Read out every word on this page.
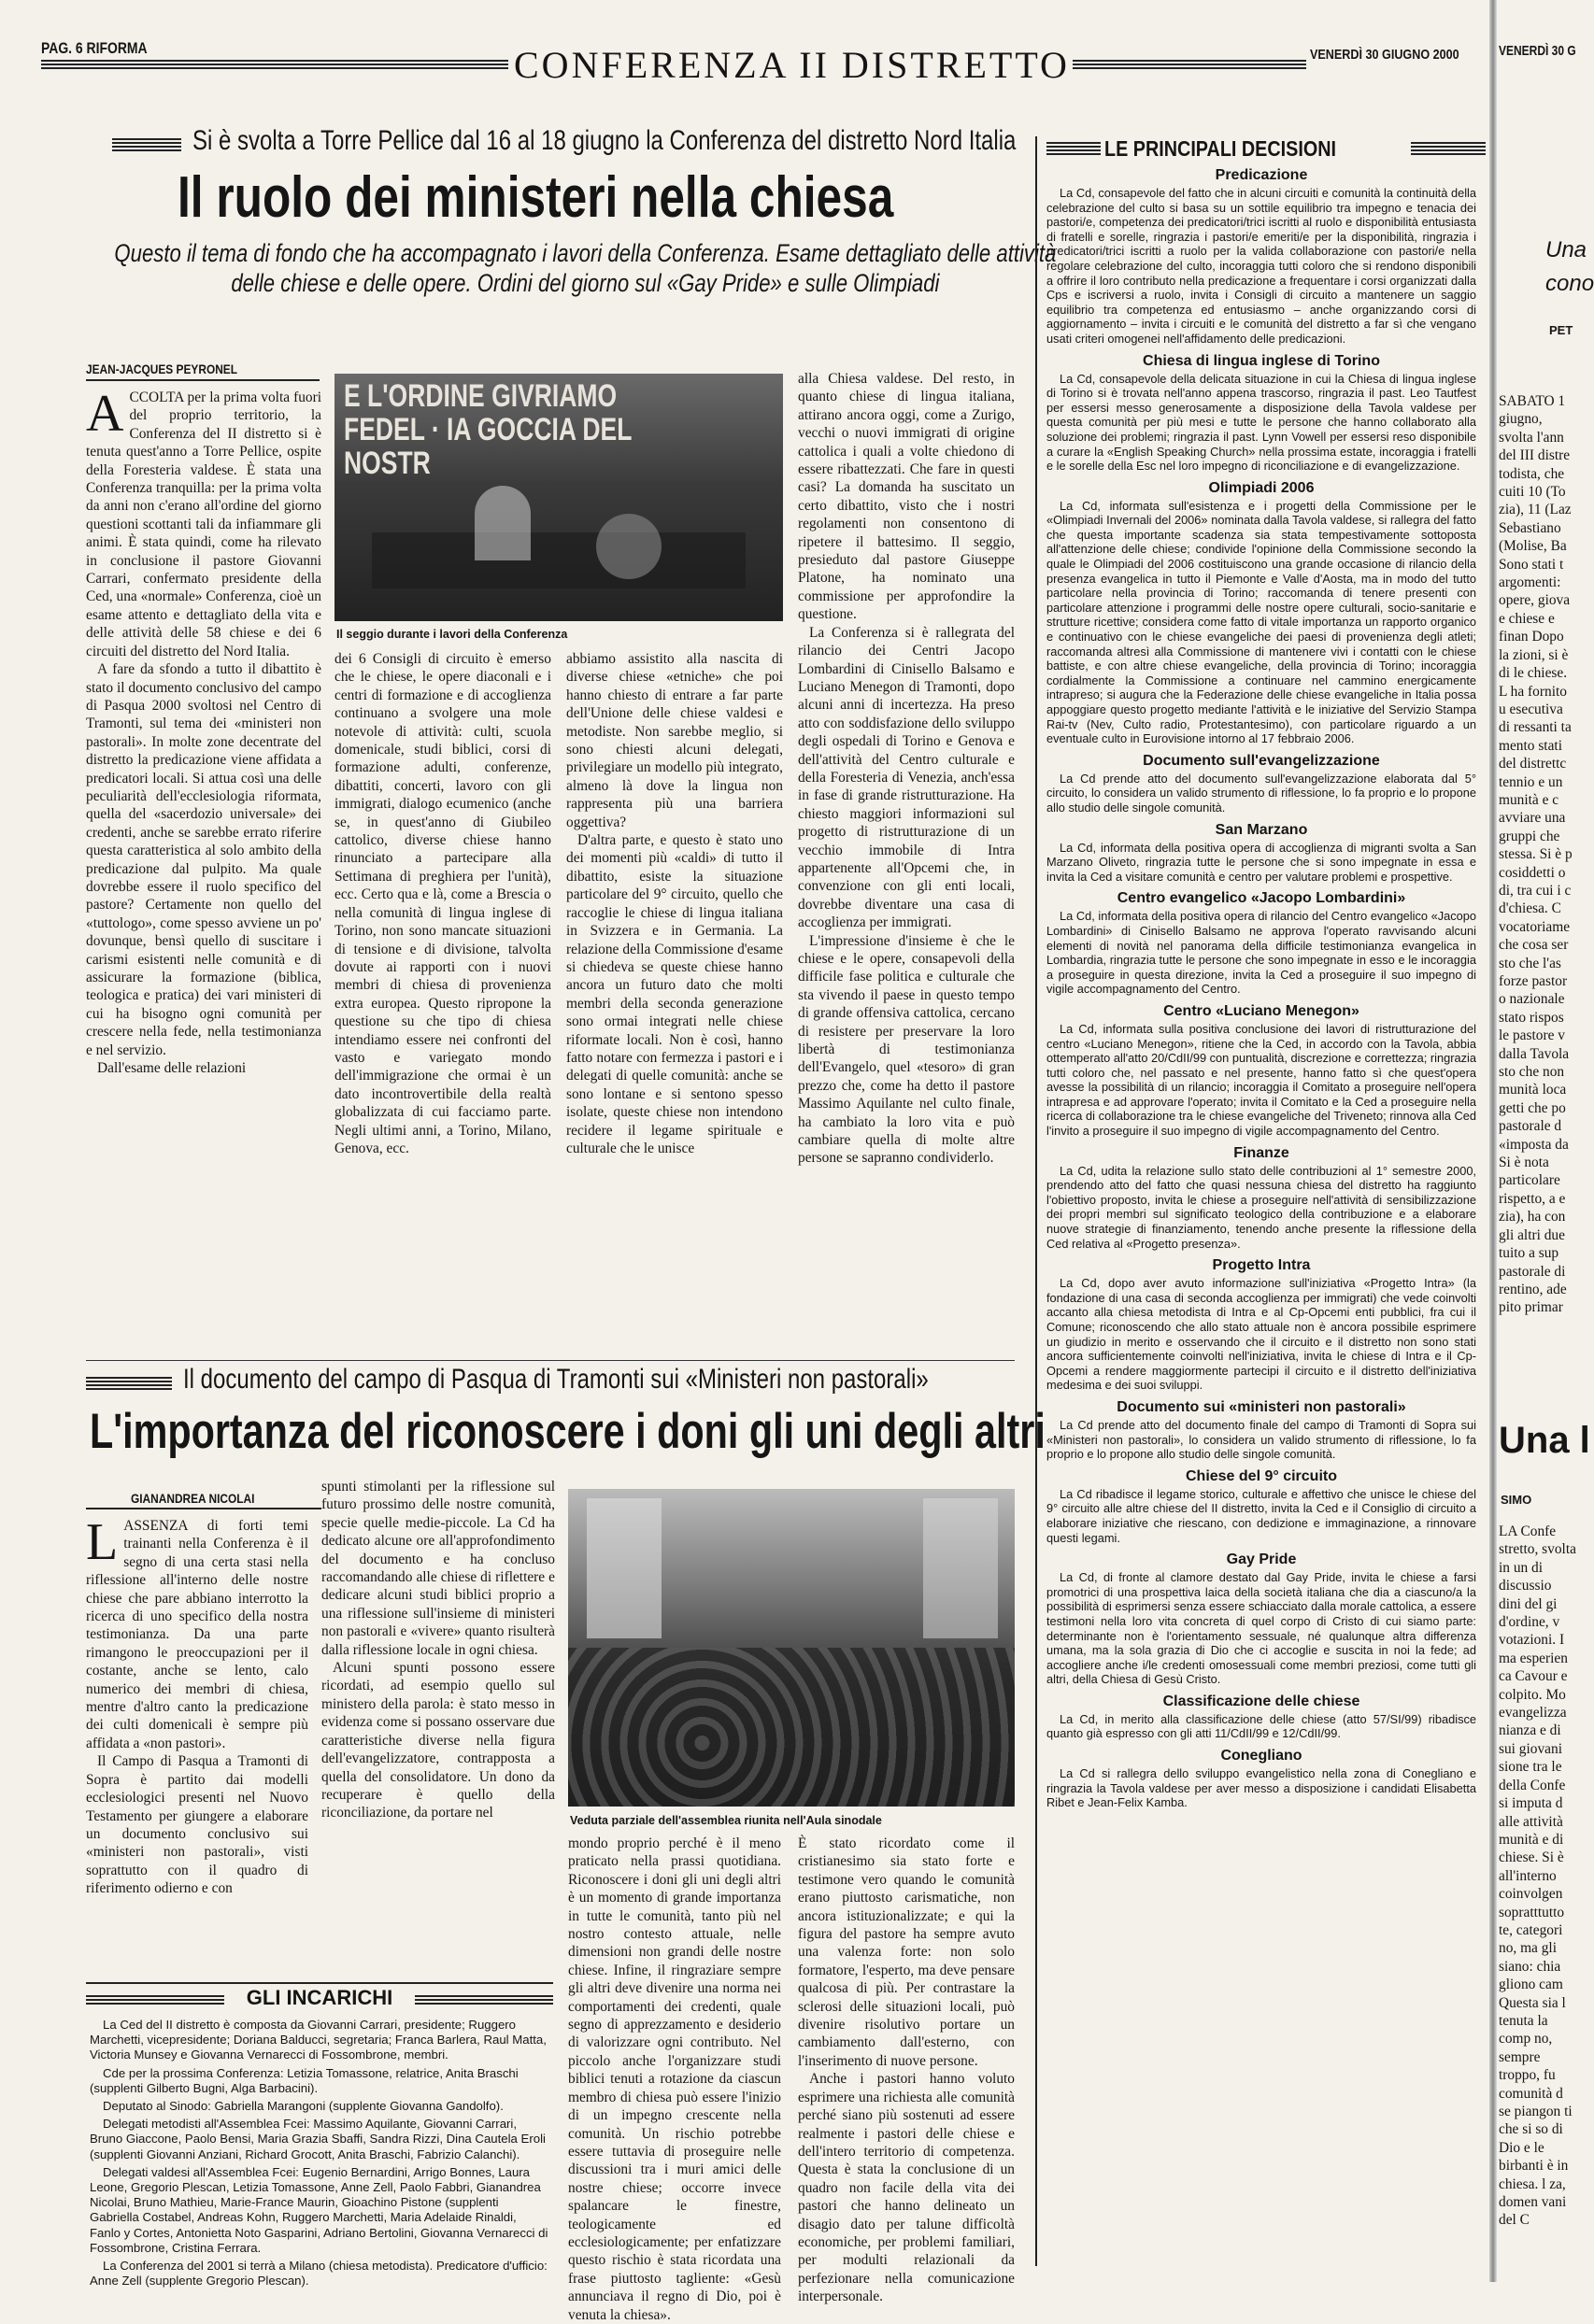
PAG. 6 RIFORMA	CONFERENZA II DISTRETTO	VENERDÌ 30 GIUGNO 2000	VENERDÌ 30 G
Si è svolta a Torre Pellice dal 16 al 18 giugno la Conferenza del distretto Nord Italia
Il ruolo dei ministeri nella chiesa
Questo il tema di fondo che ha accompagnato i lavori della Conferenza. Esame dettagliato delle attività delle chiese e delle opere. Ordini del giorno sul «Gay Pride» e sulle Olimpiadi
JEAN-JACQUES PEYRONEL

ACCOLTA per la prima volta fuori del proprio territorio, la Conferenza del II distretto si è tenuta quest'anno a Torre Pellice, ospite della Foresteria valdese. È stata una Conferenza tranquilla: per la prima volta da anni non c'erano all'ordine del giorno questioni scottanti tali da infiammare gli animi. È stata quindi, come ha rilevato in conclusione il pastore Giovanni Carrari, confermato presidente della Ced, una «normale» Conferenza, cioè un esame attento e dettagliato della vita e delle attività delle 58 chiese e dei 6 circuiti del distretto del Nord Italia.

A fare da sfondo a tutto il dibattito è stato il documento conclusivo del campo di Pasqua 2000 svoltosi nel Centro di Tramonti, sul tema dei «ministeri non pastorali». In molte zone decentrate del distretto la predicazione viene affidata a predicatori locali. Si attua così una delle peculiarità dell'ecclesiologia riformata, quella del «sacerdozio universale» dei credenti, anche se sarebbe errato riferire questa caratteristica al solo ambito della predicazione dal pulpito. Ma quale dovrebbe essere il ruolo specifico del pastore? Certamente non quello del «tuttologo», come spesso avviene un po' dovunque, bensì quello di suscitare i carismi esistenti nelle comunità e di assicurare la formazione (biblica, teologica e pratica) dei vari ministeri di cui ha bisogno ogni comunità per crescere nella fede, nella testimonianza e nel servizio.

Dall'esame delle relazioni

E L'ORDINE GIVRIAMO FEDEL · IA GOCCIA DEL NOSTR
Il seggio durante i lavori della Conferenza

dei 6 Consigli di circuito è emerso che le chiese, le opere diaconali e i centri di formazione e di accoglienza continuano a svolgere una mole notevole di attività: culti, scuola domenicale, studi biblici, corsi di formazione adulti, conferenze, dibattiti, concerti, lavoro con gli immigrati, dialogo ecumenico (anche se, in quest'anno di Giubileo cattolico, diverse chiese hanno rinunciato a partecipare alla Settimana di preghiera per l'unità), ecc. Certo qua e là, come a Brescia o nella comunità di lingua inglese di Torino, non sono mancate situazioni di tensione e di divisione, talvolta dovute ai rapporti con i nuovi membri di chiesa di provenienza extra europea. Questo ripropone la questione su che tipo di chiesa intendiamo essere nei confronti del vasto e variegato mondo dell'immigrazione che ormai è un dato incontrovertibile della realtà globalizzata di cui facciamo parte. Negli ultimi anni, a Torino, Milano, Genova, ecc.

abbiamo assistito alla nascita di diverse chiese «etniche» che poi hanno chiesto di entrare a far parte dell'Unione delle chiese valdesi e metodiste. Non sarebbe meglio, si sono chiesti alcuni delegati, privilegiare un modello più integrato, almeno là dove la lingua non rappresenta più una barriera oggettiva?

D'altra parte, e questo è stato uno dei momenti più «caldi» di tutto il dibattito, esiste la situazione particolare del 9° circuito, quello che raccoglie le chiese di lingua italiana in Svizzera e in Germania. La relazione della Commissione d'esame si chiedeva se queste chiese hanno ancora un futuro dato che molti membri della seconda generazione sono ormai integrati nelle chiese riformate locali. Non è così, hanno fatto notare con fermezza i pastori e i delegati di quelle comunità: anche se sono lontane e si sentono spesso isolate, queste chiese non intendono recidere il legame spirituale e culturale che le unisce

alla Chiesa valdese. Del resto, in quanto chiese di lingua italiana, attirano ancora oggi, come a Zurigo, vecchi o nuovi immigrati di origine cattolica i quali a volte chiedono di essere ribattezzati. Che fare in questi casi? La domanda ha suscitato un certo dibattito, visto che i nostri regolamenti non consentono di ripetere il battesimo. Il seggio, presieduto dal pastore Giuseppe Platone, ha nominato una commissione per approfondire la questione.

La Conferenza si è rallegrata del rilancio dei Centri Jacopo Lombardini di Cinisello Balsamo e Luciano Menegon di Tramonti, dopo alcuni anni di incertezza. Ha preso atto con soddisfazione dello sviluppo degli ospedali di Torino e Genova e dell'attività del Centro culturale e della Foresteria di Venezia, anch'essa in fase di grande ristrutturazione. Ha chiesto maggiori informazioni sul progetto di ristrutturazione di un vecchio immobile di Intra appartenente all'Opcemi che, in convenzione con gli enti locali, dovrebbe diventare una casa di accoglienza per immigrati.

L'impressione d'insieme è che le chiese e le opere, consapevoli della difficile fase politica e culturale che sta vivendo il paese in questo tempo di grande offensiva cattolica, cercano di resistere per preservare la loro libertà di testimonianza dell'Evangelo, quel «tesoro» di gran prezzo che, come ha detto il pastore Massimo Aquilante nel culto finale, ha cambiato la loro vita e può cambiare quella di molte altre persone se sapranno condividerlo.

Il documento del campo di Pasqua di Tramonti sui «Ministeri non pastorali»
L'importanza del riconoscere i doni gli uni degli altri
GIANANDREA NICOLAI

LASSENZA di forti temi trainanti nella Conferenza è il segno di una certa stasi nella riflessione all'interno delle nostre chiese che pare abbiano interrotto la ricerca di uno specifico della nostra testimonianza. Da una parte rimangono le preoccupazioni per il costante, anche se lento, calo numerico dei membri di chiesa, mentre d'altro canto la predicazione dei culti domenicali è sempre più affidata a «non pastori».

Il Campo di Pasqua a Tramonti di Sopra è partito dai modelli ecclesiologici presenti nel Nuovo Testamento per giungere a elaborare un documento conclusivo sui «ministeri non pastorali», visti soprattutto con il quadro di riferimento odierno e con

spunti stimolanti per la riflessione sul futuro prossimo delle nostre comunità, specie quelle medie-piccole. La Cd ha dedicato alcune ore all'approfondimento del documento e ha concluso raccomandando alle chiese di riflettere e dedicare alcuni studi biblici proprio a una riflessione sull'insieme di ministeri non pastorali e «vivere» quanto risulterà dalla riflessione locale in ogni chiesa.

Alcuni spunti possono essere ricordati, ad esempio quello sul ministero della parola: è stato messo in evidenza come si possano osservare due caratteristiche diverse nella figura dell'evangelizzatore, contrapposta a quella del consolidatore. Un dono da recuperare è quello della riconciliazione, da portare nel	Veduta parziale dell'assemblea riunita nell'Aula sinodale

mondo proprio perché è il meno praticato nella prassi quotidiana. Riconoscere i doni gli uni degli altri è un momento di grande importanza in tutte le comunità, tanto più nel nostro contesto attuale, nelle dimensioni non grandi delle nostre chiese. Infine, il ringraziare sempre gli altri deve divenire una norma nei comportamenti dei credenti, quale segno di apprezzamento e desiderio di valorizzare ogni contributo. Nel piccolo anche l'organizzare studi biblici tenuti a rotazione da ciascun membro di chiesa può essere l'inizio di un impegno crescente nella comunità. Un rischio potrebbe essere tuttavia di proseguire nelle discussioni tra i muri amici delle nostre chiese; occorre invece spalancare le finestre, teologicamente ed ecclesiologicamente; per enfatizzare questo rischio è stata ricordata una frase piuttosto tagliente: «Gesù annunciava il regno di Dio, poi è venuta la chiesa».

È stato ricordato come il cristianesimo sia stato forte e testimone vero quando le comunità erano piuttosto carismatiche, non ancora istituzionalizzate; e qui la figura del pastore ha sempre avuto una valenza forte: non solo formatore, l'esperto, ma deve pensare qualcosa di più. Per contrastare la sclerosi delle situazioni locali, può divenire risolutivo portare un cambiamento dall'esterno, con l'inserimento di nuove persone.

Anche i pastori hanno voluto esprimere una richiesta alle comunità perché siano più sostenuti ad essere realmente i pastori delle chiese e dell'intero territorio di competenza. Questa è stata la conclusione di un quadro non facile della vita dei pastori che hanno delineato un disagio dato per talune difficoltà economiche, per problemi familiari, per modulti relazionali da perfezionare nella comunicazione interpersonale.

GLI INCARICHI

La Ced del II distretto è composta da Giovanni Carrari, presidente; Ruggero Marchetti, vicepresidente; Doriana Balducci, segretaria; Franca Barlera, Raul Matta, Victoria Munsey e Giovanna Vernarecci di Fossombrone, membri.

Cde per la prossima Conferenza: Letizia Tomassone, relatrice, Anita Braschi (supplenti Gilberto Bugni, Alga Barbacini).

Deputato al Sinodo: Gabriella Marangoni (supplente Giovanna Gandolfo).

Delegati metodisti all'Assemblea Fcei: Massimo Aquilante, Giovanni Carrari, Bruno Giaccone, Paolo Bensi, Maria Grazia Sbaffi, Sandra Rizzi, Dina Cautela Eroli (supplenti Giovanni Anziani, Richard Grocott, Anita Braschi, Fabrizio Calanchi).

Delegati valdesi all'Assemblea Fcei: Eugenio Bernardini, Arrigo Bonnes, Laura Leone, Gregorio Plescan, Letizia Tomassone, Anne Zell, Paolo Fabbri, Gianandrea Nicolai, Bruno Mathieu, Marie-France Maurin, Gioachino Pistone (supplenti Gabriella Costabel, Andreas Kohn, Ruggero Marchetti, Maria Adelaide Rinaldi, Fanlo y Cortes, Antonietta Noto Gasparini, Adriano Bertolini, Giovanna Vernarecci di Fossombrone, Cristina Ferrara.

La Conferenza del 2001 si terrà a Milano (chiesa metodista). Predicatore d'ufficio: Anne Zell (supplente Gregorio Plescan).

LE PRINCIPALI DECISIONI
Predicazione

La Cd, consapevole del fatto che in alcuni circuiti e comunità la continuità della celebrazione del culto si basa su un sottile equilibrio tra impegno e tenacia dei pastori/e, competenza dei predicatori/trici iscritti al ruolo e disponibilità entusiasta di fratelli e sorelle, ringrazia i pastori/e emeriti/e per la disponibilità, ringrazia i predicatori/trici iscritti a ruolo per la valida collaborazione con pastori/e nella regolare celebrazione del culto, incoraggia tutti coloro che si rendono disponibili a offrire il loro contributo nella predicazione a frequentare i corsi organizzati dalla Cps e iscriversi a ruolo, invita i Consigli di circuito a mantenere un saggio equilibrio tra competenza ed entusiasmo – anche organizzando corsi di aggiornamento – invita i circuiti e le comunità del distretto a far sì che vengano usati criteri omogenei nell'affidamento delle predicazioni.

Chiesa di lingua inglese di Torino

La Cd, consapevole della delicata situazione in cui la Chiesa di lingua inglese di Torino si è trovata nell'anno appena trascorso, ringrazia il past. Leo Tautfest per essersi messo generosamente a disposizione della Tavola valdese per questa comunità per più mesi e tutte le persone che hanno collaborato alla soluzione dei problemi; ringrazia il past. Lynn Vowell per essersi reso disponibile a curare la «English Speaking Church» nella prossima estate, incoraggia i fratelli e le sorelle della Esc nel loro impegno di riconciliazione e di evangelizzazione.

Olimpiadi 2006

La Cd, informata sull'esistenza e i progetti della Commissione per le «Olimpiadi Invernali del 2006» nominata dalla Tavola valdese, si rallegra del fatto che questa importante scadenza sia stata tempestivamente sottoposta all'attenzione delle chiese; condivide l'opinione della Commissione secondo la quale le Olimpiadi del 2006 costituiscono una grande occasione di rilancio della presenza evangelica in tutto il Piemonte e Valle d'Aosta, ma in modo del tutto particolare nella provincia di Torino; raccomanda di tenere presenti con particolare attenzione i programmi delle nostre opere culturali, socio-sanitarie e strutture ricettive; considera come fatto di vitale importanza un rapporto organico e continuativo con le chiese evangeliche dei paesi di provenienza degli atleti; raccomanda altresì alla Commissione di mantenere vivi i contatti con le chiese battiste, e con altre chiese evangeliche, della provincia di Torino; incoraggia cordialmente la Commissione a continuare nel cammino energicamente intrapreso; si augura che la Federazione delle chiese evangeliche in Italia possa appoggiare questo progetto mediante l'attività e le iniziative del Servizio Stampa Rai-tv (Nev, Culto radio, Protestantesimo), con particolare riguardo a un eventuale culto in Eurovisione intorno al 17 febbraio 2006.

Documento sull'evangelizzazione

La Cd prende atto del documento sull'evangelizzazione elaborata dal 5° circuito, lo considera un valido strumento di riflessione, lo fa proprio e lo propone allo studio delle singole comunità.

San Marzano

La Cd, informata della positiva opera di accoglienza di migranti svolta a San Marzano Oliveto, ringrazia tutte le persone che si sono impegnate in essa e invita la Ced a visitare comunità e centro per valutare problemi e prospettive.

Centro evangelico «Jacopo Lombardini»

La Cd, informata della positiva opera di rilancio del Centro evangelico «Jacopo Lombardini» di Cinisello Balsamo ne approva l'operato ravvisando alcuni elementi di novità nel panorama della difficile testimonianza evangelica in Lombardia, ringrazia tutte le persone che sono impegnate in esso e le incoraggia a proseguire in questa direzione, invita la Ced a proseguire il suo impegno di vigile accompagnamento del Centro.

Centro «Luciano Menegon»

La Cd, informata sulla positiva conclusione dei lavori di ristrutturazione del centro «Luciano Menegon», ritiene che la Ced, in accordo con la Tavola, abbia ottemperato all'atto 20/CdII/99 con puntualità, discrezione e correttezza; ringrazia tutti coloro che, nel passato e nel presente, hanno fatto sì che quest'opera avesse la possibilità di un rilancio; incoraggia il Comitato a proseguire nell'opera intrapresa e ad approvare l'operato; invita il Comitato e la Ced a proseguire nella ricerca di collaborazione tra le chiese evangeliche del Triveneto; rinnova alla Ced l'invito a proseguire il suo impegno di vigile accompagnamento del Centro.

Finanze

La Cd, udita la relazione sullo stato delle contribuzioni al 1° semestre 2000, prendendo atto del fatto che quasi nessuna chiesa del distretto ha raggiunto l'obiettivo proposto, invita le chiese a proseguire nell'attività di sensibilizzazione dei propri membri sul significato teologico della contribuzione e a elaborare nuove strategie di finanziamento, tenendo anche presente la riflessione della Ced relativa al «Progetto presenza».

Progetto Intra

La Cd, dopo aver avuto informazione sull'iniziativa «Progetto Intra» (la fondazione di una casa di seconda accoglienza per immigrati) che vede coinvolti accanto alla chiesa metodista di Intra e al Cp-Opcemi enti pubblici, fra cui il Comune; riconoscendo che allo stato attuale non è ancora possibile esprimere un giudizio in merito e osservando che il circuito e il distretto non sono stati ancora sufficientemente coinvolti nell'iniziativa, invita le chiese di Intra e il Cp-Opcemi a rendere maggiormente partecipi il circuito e il distretto dell'iniziativa medesima e dei suoi sviluppi.

Documento sui «ministeri non pastorali»

La Cd prende atto del documento finale del campo di Tramonti di Sopra sui «Ministeri non pastorali», lo considera un valido strumento di riflessione, lo fa proprio e lo propone allo studio delle singole comunità.

Chiese del 9° circuito

La Cd ribadisce il legame storico, culturale e affettivo che unisce le chiese del 9° circuito alle altre chiese del II distretto, invita la Ced e il Consiglio di circuito a elaborare iniziative che riescano, con dedizione e immaginazione, a rinnovare questi legami.

Gay Pride

La Cd, di fronte al clamore destato dal Gay Pride, invita le chiese a farsi promotrici di una prospettiva laica della società italiana che dia a ciascuno/a la possibilità di esprimersi senza essere schiacciato dalla morale cattolica, a essere testimoni nella loro vita concreta di quel corpo di Cristo di cui siamo parte: determinante non è l'orientamento sessuale, né qualunque altra differenza umana, ma la sola grazia di Dio che ci accoglie e suscita in noi la fede; ad accogliere anche i/le credenti omosessuali come membri preziosi, come tutti gli altri, della Chiesa di Gesù Cristo.

Classificazione delle chiese

La Cd, in merito alla classificazione delle chiese (atto 57/SI/99) ribadisce quanto già espresso con gli atti 11/CdII/99 e 12/CdII/99.

Conegliano

La Cd si rallegra dello sviluppo evangelistico nella zona di Conegliano e ringrazia la Tavola valdese per aver messo a disposizione i candidati Elisabetta Ribet e Jean-Felix Kamba.

Una cono
PET
SABATO 1 giugno, svolta l'ann del III distre todista, che cuiti 10 (To zia), 11 (Laz Sebastiano (Molise, Ba Sono stati t argomenti: opere, giova e chiese e finan Dopo la zioni, si è di le chiese. L ha fornito u esecutiva di ressanti ta mento stati del distrettc tennio e un munità e c avviare una gruppi che stessa. Si è p cosiddetti o di, tra cui i c d'chiesa. C vocatoriame che cosa ser sto che l'as forze pastor o nazionale stato rispos le pastore v dalla Tavola sto che non munità loca getti che po pastorale d «imposta da Si è nota particolare rispetto, a e zia), ha con gli altri due tuito a sup pastorale di rentino, ade pito primar
Una l
SIMO
LA Confe stretto, svolta in un di discussio dini del gi d'ordine, v votazioni. I ma esperien ca Cavour e colpito. Mo evangelizza nianza e di sui giovani sione tra le della Confe si imputa d alle attività munità e di chiese. Si è all'interno coinvolgen sopratttutto te, categori no, ma gli siano: chia gliono cam Questa sia l tenuta la comp no, sempre troppo, fu comunità d se piangon ti che si so di Dio e le birbanti è in chiesa. l za, domen vani del C
